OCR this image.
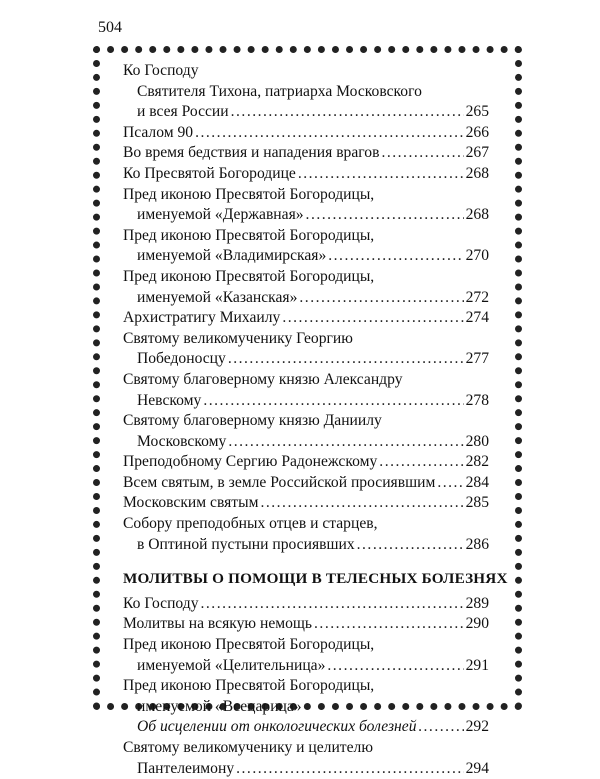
504
Ко Господу
Святителя Тихона, патриарха Московского
и всея России . . .	265
Псалом 90 . . .	266
Во время бедствия и нападения врагов . . .	267
Ко Пресвятой Богородице . . .	268
Пред иконою Пресвятой Богородицы,
именуемой «Державная» . . .	268
Пред иконою Пресвятой Богородицы,
именуемой «Владимирская» . . .	270
Пред иконою Пресвятой Богородицы,
именуемой «Казанская» . . .	272
Архистратигу Михаилу . . .	274
Святому великомученику Георгию
Победоносцу . . .	277
Святому благоверному князю Александру
Невскому . . .	278
Святому благоверному князю Даниилу
Московскому . . .	280
Преподобному Сергию Радонежскому . . .	282
Всем святым, в земле Российской просиявшим . . . 284
Московским святым . . .	285
Собору преподобных отцев и старцев,
в Оптиной пустыни просиявших . . .	286
МОЛИТВЫ О ПОМОЩИ В ТЕЛЕСНЫХ БОЛЕЗНЯХ
Ко Господу . . .	289
Молитвы на всякую немощь . . .	290
Пред иконою Пресвятой Богородицы,
именуемой «Целительница» . . .	291
Пред иконою Пресвятой Богородицы,
именуемой «Всецарица»
Об исцелении от онкологических болезней . . .	292
Святому великомученику и целителю
Пантелеимону . . .	294
